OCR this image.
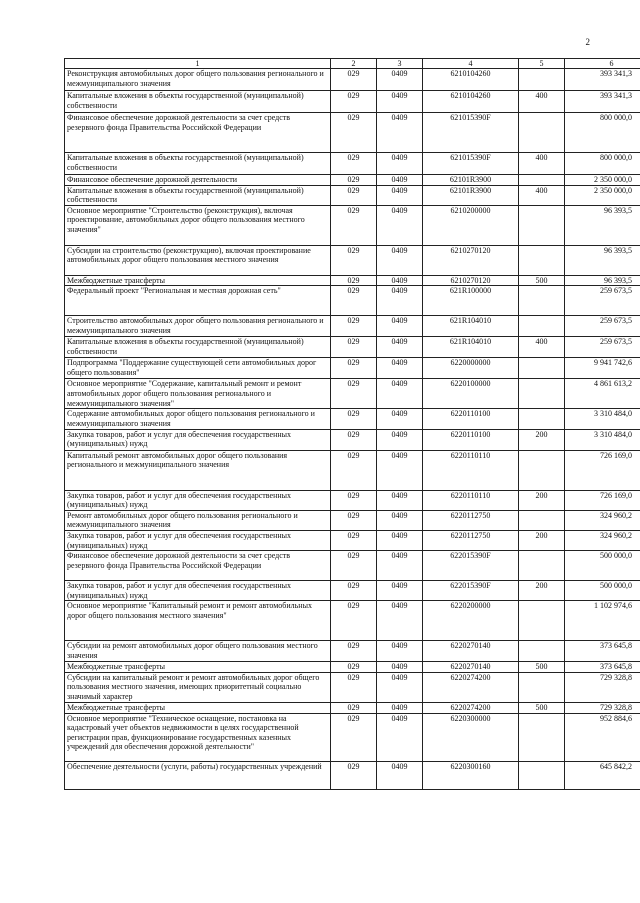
2
1	2	3	4	5	6
Реконструкция автомобильных дорог общего пользования регионального и межмуниципального значения	029	0409	6210104260		393 341,3
Капитальные вложения в объекты государственной (муниципальной) собственности	029	0409	6210104260	400	393 341,3
Финансовое обеспечение дорожной деятельности за счет средств резервного фонда Правительства Российской Федерации	029	0409	621015390F		800 000,0
Капитальные вложения в объекты государственной (муниципальной) собственности	029	0409	621015390F	400	800 000,0
Финансовое обеспечение дорожной деятельности	029	0409	62101R3900		2 350 000,0
Капитальные вложения в объекты государственной (муниципальной) собственности	029	0409	62101R3900	400	2 350 000,0
Основное мероприятие "Строительство (реконструкция), включая проектирование, автомобильных дорог общего пользования местного значения"	029	0409	6210200000		96 393,5
Субсидии на строительство (реконструкцию), включая проектирование автомобильных дорог общего пользования местного значения	029	0409	6210270120		96 393,5
Межбюджетные трансферты	029	0409	6210270120	500	96 393,5
Федеральный проект "Региональная и местная дорожная сеть"	029	0409	621R100000		259 673,5
Строительство автомобильных дорог общего пользования регионального и межмуниципального значения	029	0409	621R104010		259 673,5
Капитальные вложения в объекты государственной (муниципальной) собственности	029	0409	621R104010	400	259 673,5
Подпрограмма "Поддержание существующей сети автомобильных дорог общего пользования"	029	0409	6220000000		9 941 742,6
Основное мероприятие "Содержание, капитальный ремонт и ремонт автомобильных дорог общего пользования регионального и межмуниципального значения"	029	0409	6220100000		4 861 613,2
Содержание автомобильных дорог общего пользования регионального и межмуниципального значения	029	0409	6220110100		3 310 484,0
Закупка товаров, работ и услуг для обеспечения государственных (муниципальных) нужд	029	0409	6220110100	200	3 310 484,0
Капитальный ремонт автомобильных дорог общего пользования регионального и межмуниципального значения	029	0409	6220110110		726 169,0
Закупка товаров, работ и услуг для обеспечения государственных (муниципальных) нужд	029	0409	6220110110	200	726 169,0
Ремонт автомобильных дорог общего пользования регионального и межмуниципального значения	029	0409	6220112750		324 960,2
Закупка товаров, работ и услуг для обеспечения государственных (муниципальных) нужд	029	0409	6220112750	200	324 960,2
Финансовое обеспечение дорожной деятельности за счет средств резервного фонда Правительства Российской Федерации	029	0409	622015390F		500 000,0
Закупка товаров, работ и услуг для обеспечения государственных (муниципальных) нужд	029	0409	622015390F	200	500 000,0
Основное мероприятие "Капитальный ремонт и ремонт автомобильных дорог общего пользования местного значения"	029	0409	6220200000		1 102 974,6
Субсидии на ремонт автомобильных дорог общего пользования местного значения	029	0409	6220270140		373 645,8
Межбюджетные трансферты	029	0409	6220270140	500	373 645,8
Субсидии на капитальный ремонт и ремонт автомобильных дорог общего пользования местного значения, имеющих приоритетный социально значимый характер	029	0409	6220274200		729 328,8
Межбюджетные трансферты	029	0409	6220274200	500	729 328,8
Основное мероприятие "Техническое оснащение, постановка на кадастровый учет объектов недвижимости в целях государственной регистрации прав, функционирование государственных казенных учреждений для обеспечения дорожной деятельности"	029	0409	6220300000		952 884,6
Обеспечение деятельности (услуги, работы) государственных учреждений	029	0409	6220300160		645 842,2
